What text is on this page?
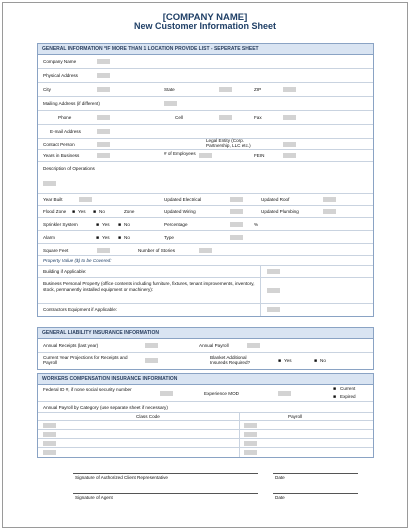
[COMPANY NAME]
New Customer Information Sheet
GENERAL INFORMATION *IF MORE THAN 1 LOCATION PROVIDE LIST - SEPERATE SHEET
Company Name
Physical Address
City	State	ZIP
Mailing Address (if different)
Phone	Cell	Fax
E-mail Address
Contact Person
Legal Entity (Corp. Partnership, LLC etc.)
Years in Business	# of Employees	FEIN
Description of Operations
Year Built	Updated Electrical	Updated Roof
Flood Zone ■ Yes ■ No	Zone	Updated Wiring	Updated Plumbing
Sprinkler System	■ Yes ■ No	Percentage	%
Alarm	■ Yes ■ No	Type
Square Feet	Number of Stories
Property Value ($) to be Covered:
Building if Applicable:
Business Personal Property (office contents including furniture, fixtures, tenant improvements, inventory, stock, permanently installed equipment or machinery):
Contractors Equipment if Applicable:
GENERAL LIABILITY INSURANCE INFORMATION
Annual Receipts (last year)	Annual Payroll
Current Year Projections for Receipts and Payroll
Blanket Additional Insureds Required?	■ Yes	■ No
WORKERS COMPENSATION INSURANCE INFORMATION
Federal ID #, if none social security number
Experience MOD
■ Current
■ Expired
Annual Payroll by Category (use separate sheet if necessary)
Class Code	Payroll
Signature of Authorized Client Representative	Date
Signature of Agent	Date
